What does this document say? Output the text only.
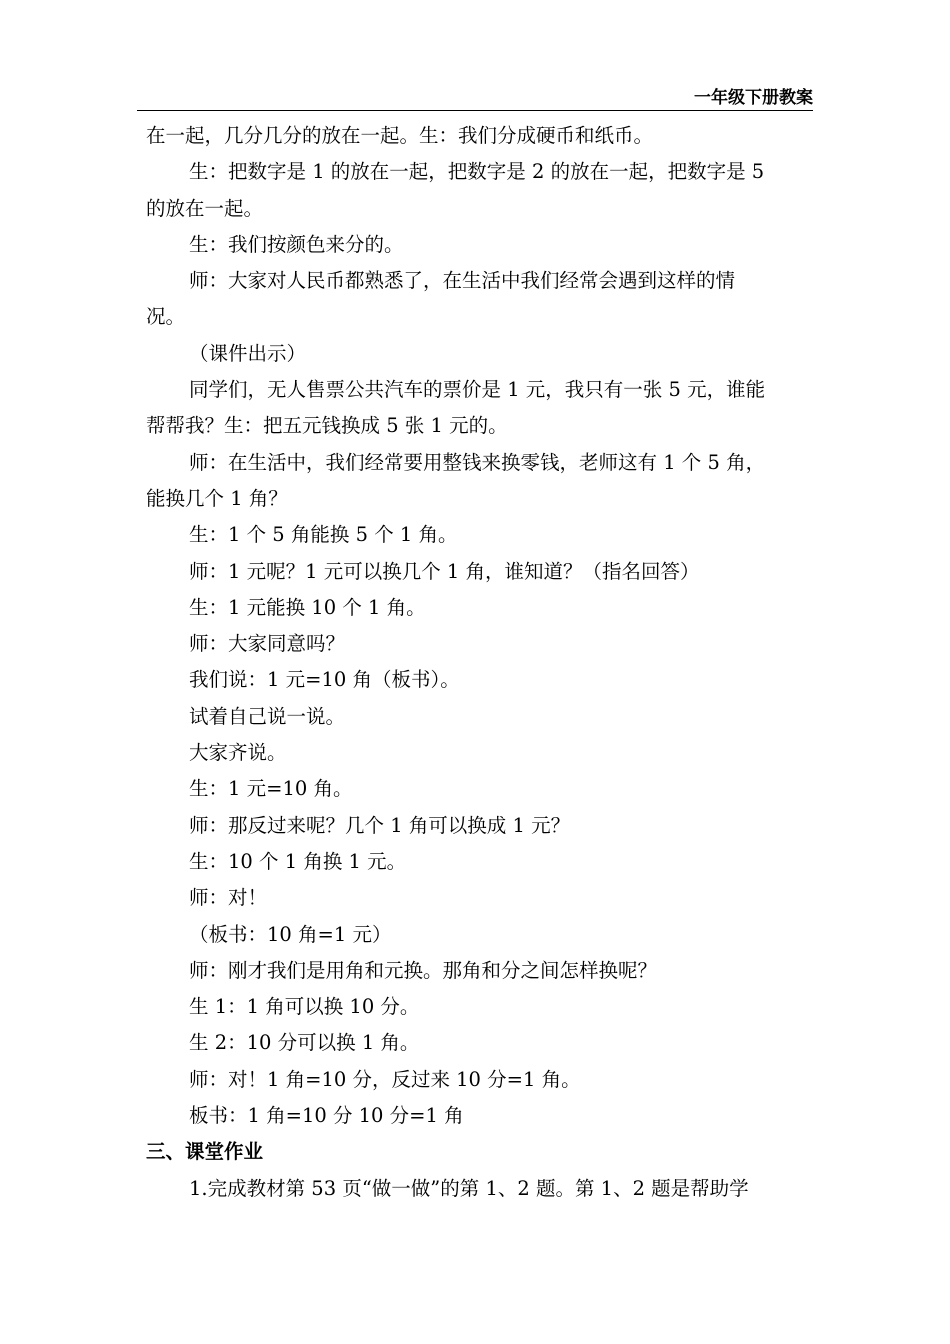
一年级下册教案
在一起，几分几分的放在一起。生：我们分成硬币和纸币。
生：把数字是 1 的放在一起，把数字是 2 的放在一起，把数字是 5
的放在一起。
生：我们按颜色来分的。
师：大家对人民币都熟悉了，在生活中我们经常会遇到这样的情
况。
（课件出示）
同学们，无人售票公共汽车的票价是 1 元，我只有一张 5 元，谁能
帮帮我？生：把五元钱换成 5 张 1 元的。
师：在生活中，我们经常要用整钱来换零钱，老师这有 1 个 5 角，
能换几个 1 角？
生：1 个 5 角能换 5 个 1 角。
师：1 元呢？1 元可以换几个 1 角，谁知道？（指名回答）
生：1 元能换 10 个 1 角。
师：大家同意吗？
我们说：1 元=10 角（板书）。
试着自己说一说。
大家齐说。
生：1 元=10 角。
师：那反过来呢？几个 1 角可以换成 1 元？
生：10 个 1 角换 1 元。
师：对！
（板书：10 角=1 元）
师：刚才我们是用角和元换。那角和分之间怎样换呢？
生 1：1 角可以换 10 分。
生 2：10 分可以换 1 角。
师：对！1 角=10 分，反过来 10 分=1 角。
板书：1 角=10 分 10 分=1 角
三、课堂作业
1.完成教材第 53 页“做一做”的第 1、2 题。第 1、2 题是帮助学
